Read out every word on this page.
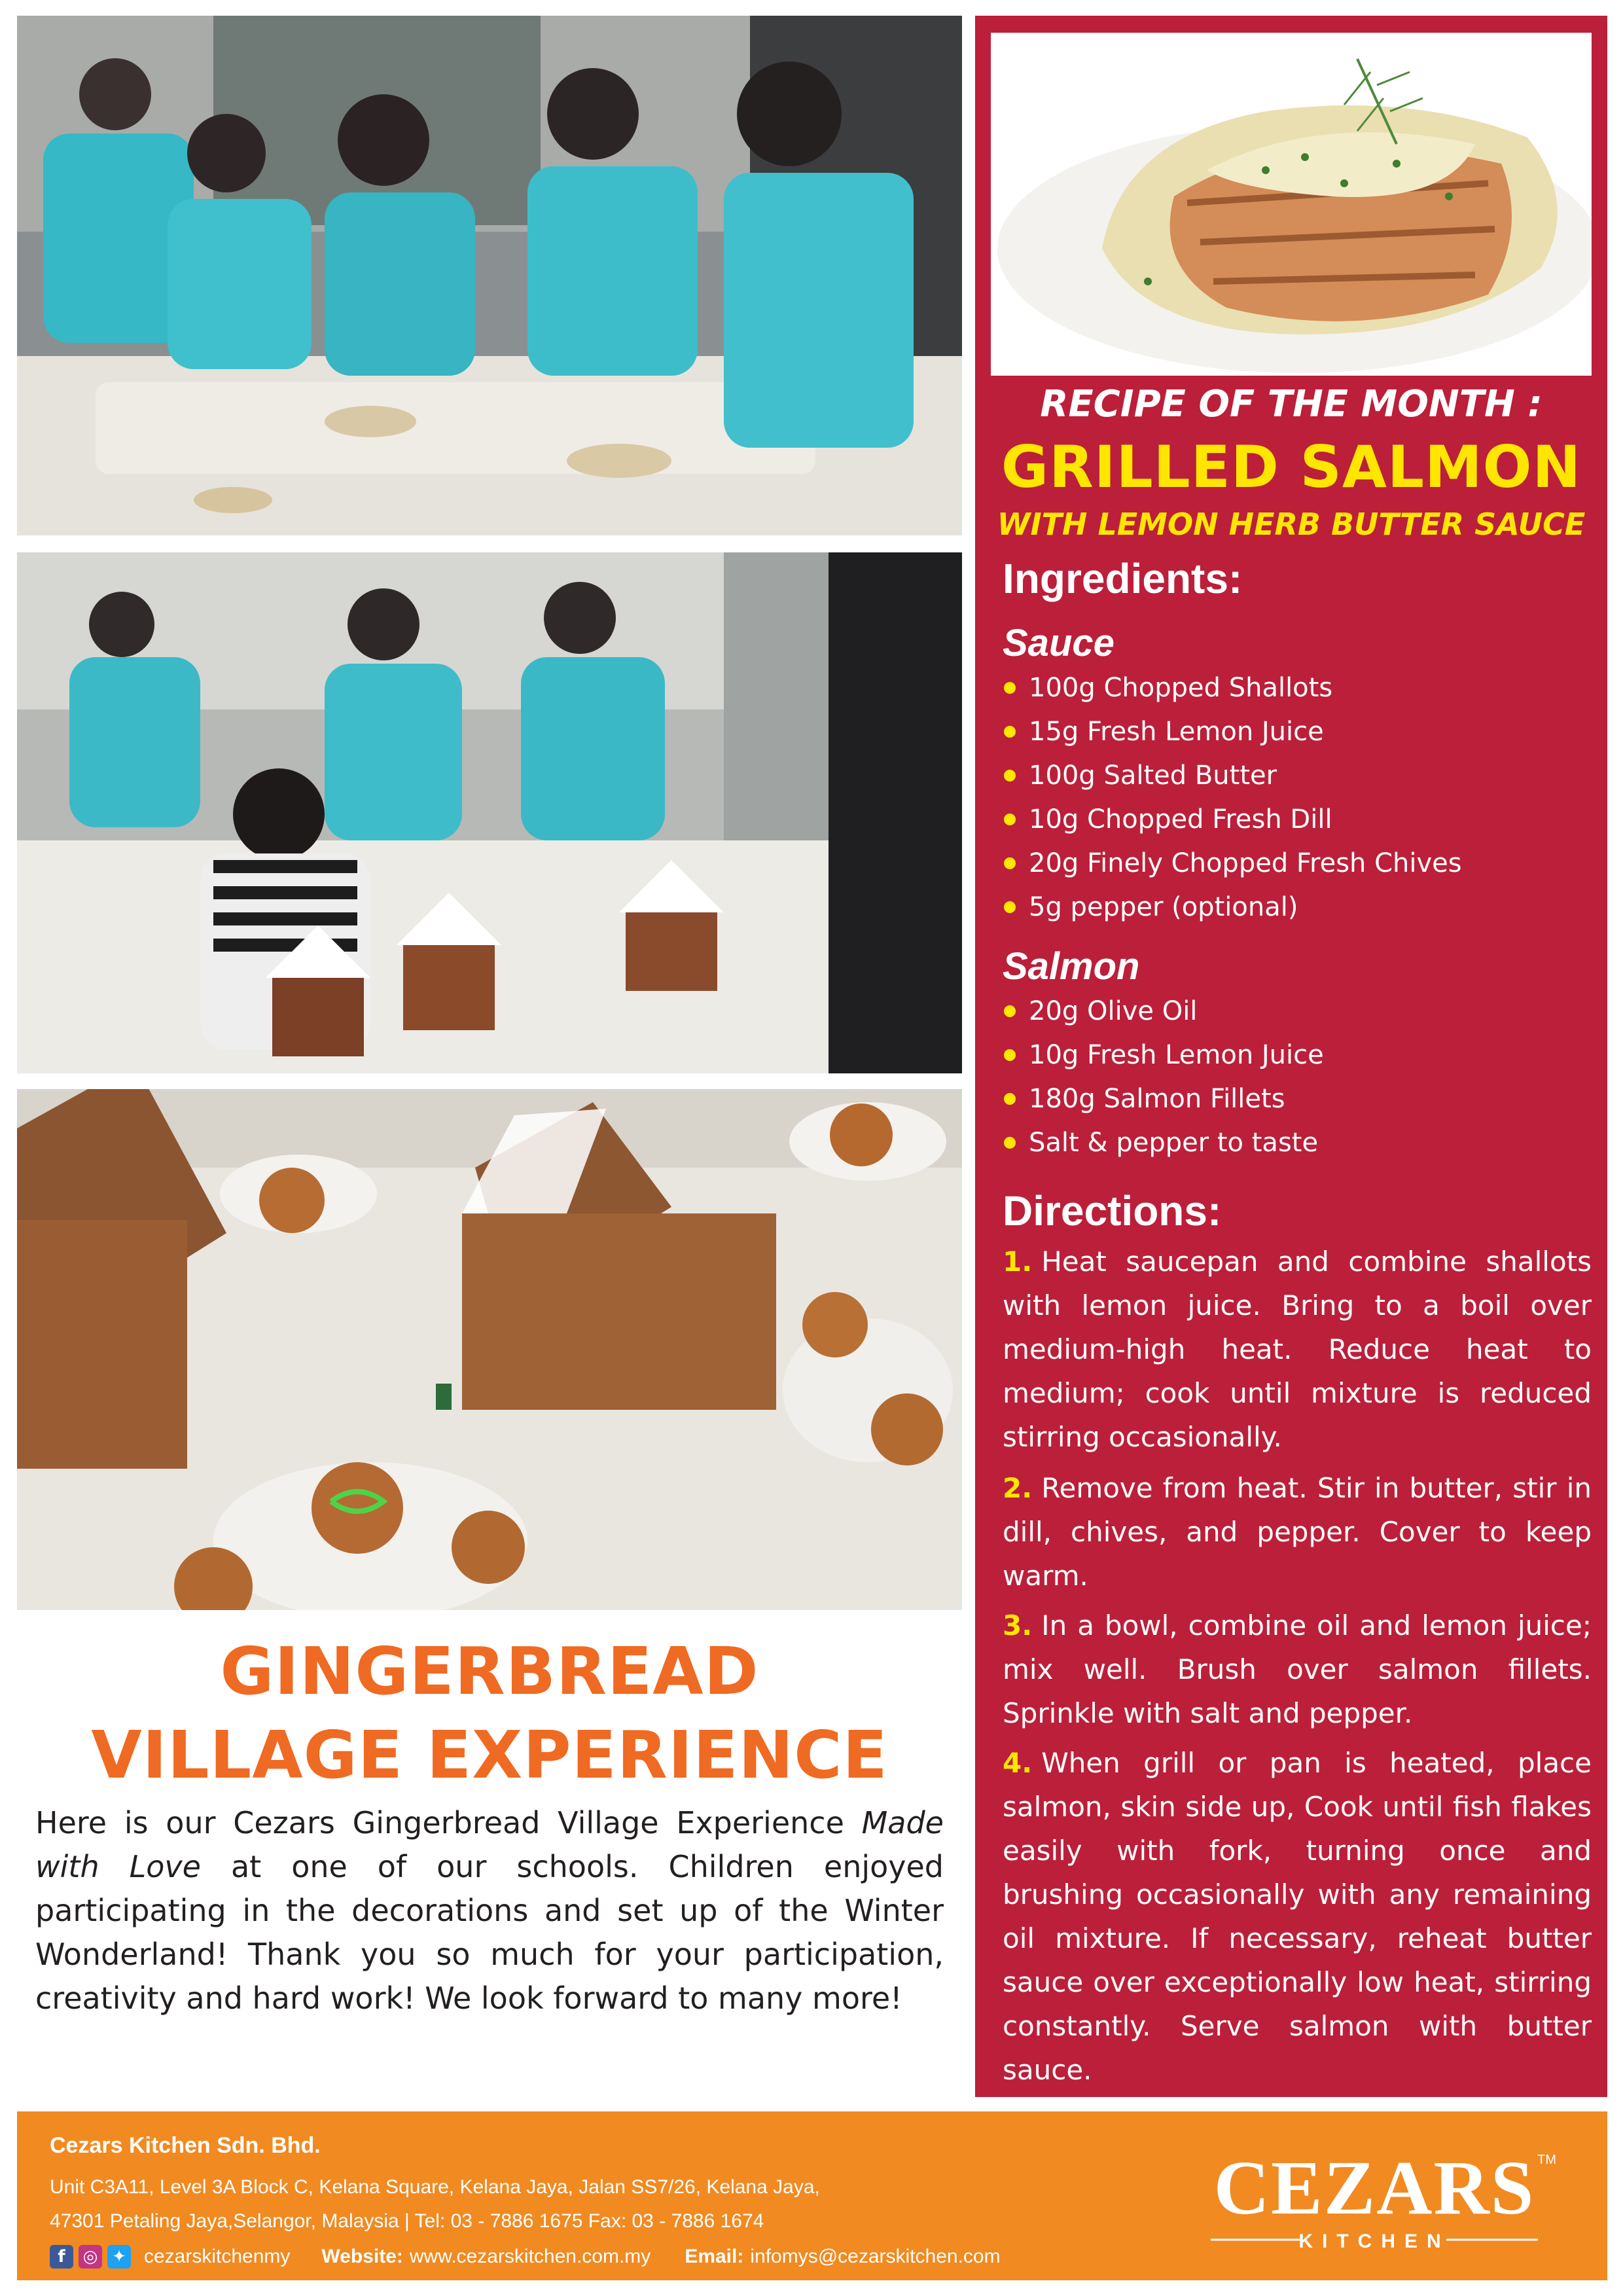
GINGERBREAD
VILLAGE EXPERIENCE
Here is our Cezars Gingerbread Village Experience Made with Love at one of our schools. Children enjoyed participating in the decorations and set up of the Winter Wonderland! Thank you so much for your participation, creativity and hard work! We look forward to many more!
RECIPE OF THE MONTH :
GRILLED SALMON
WITH LEMON HERB BUTTER SAUCE
Ingredients:
Sauce
100g Chopped Shallots
15g Fresh Lemon Juice
100g Salted Butter
10g Chopped Fresh Dill
20g Finely Chopped Fresh Chives
5g pepper (optional)
Salmon
20g Olive Oil
10g Fresh Lemon Juice
180g Salmon Fillets
Salt & pepper to taste
Directions:
1. Heat saucepan and combine shallots with lemon juice. Bring to a boil over medium-high heat. Reduce heat to medium; cook until mixture is reduced stirring occasionally.
2. Remove from heat. Stir in butter, stir in dill, chives, and pepper. Cover to keep warm.
3. In a bowl, combine oil and lemon juice; mix well. Brush over salmon fillets. Sprinkle with salt and pepper.
4. When grill or pan is heated, place salmon, skin side up, Cook until fish flakes easily with fork, turning once and brushing occasionally with any remaining oil mixture. If necessary, reheat butter sauce over exceptionally low heat, stirring constantly. Serve salmon with butter sauce.
Cezars Kitchen Sdn. Bhd.
Unit C3A11, Level 3A Block C, Kelana Square, Kelana Jaya, Jalan SS7/26, Kelana Jaya,
47301 Petaling Jaya,Selangor, Malaysia | Tel: 03 - 7886 1675 Fax: 03 - 7886 1674
f	◎ ✦ cezarskitchenmy Website: www.cezarskitchen.com.my Email: infomys@cezarskitchen.com
CEZARS TM
KITCHEN
